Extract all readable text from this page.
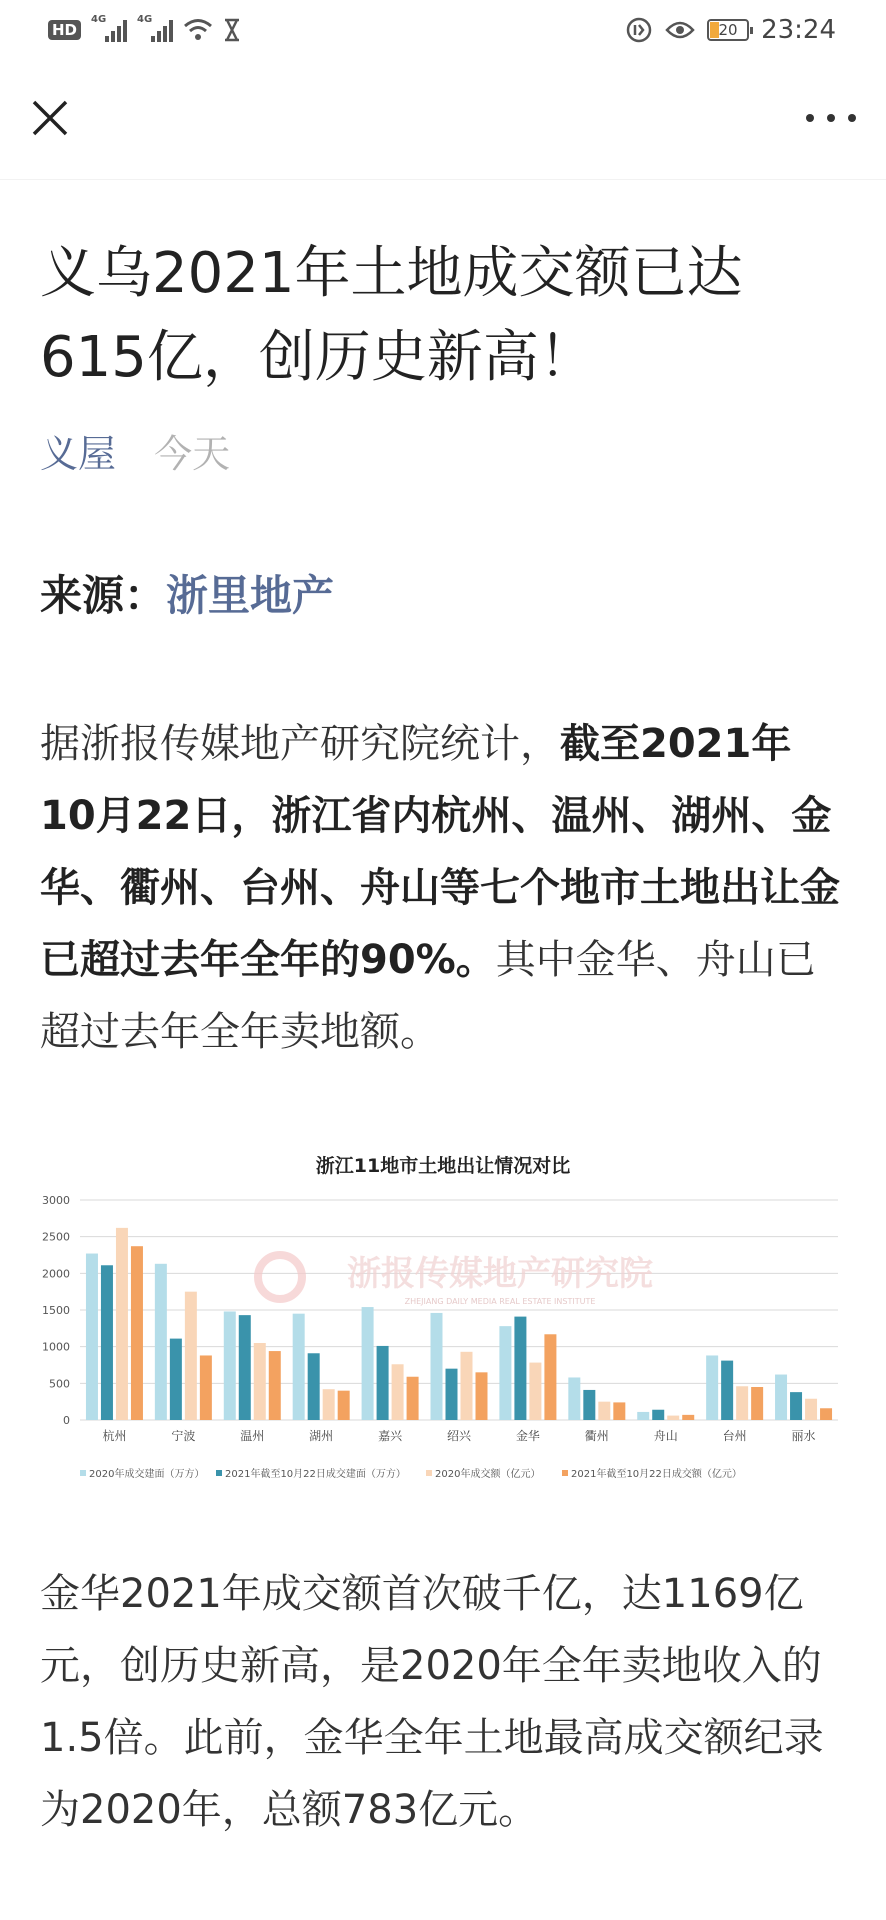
HD
4G	4G
20 23:24
义乌2021年土地成交额已达
615亿，创历史新高！
义屋 今天
来源：浙里地产

据浙报传媒地产研究院统计，截至2021年10月22日，浙江省内杭州、温州、湖州、金华、衢州、台州、舟山等七个地市土地出让金已超过去年全年的90%。其中金华、舟山已超过去年全年卖地额。

浙江11地市土地出让情况对比
0
500
1000
1500
2000
2500
3000
浙报传媒地产研究院
ZHEJIANG DAILY MEDIA REAL ESTATE INSTITUTE
杭州	宁波	温州	湖州	嘉兴	绍兴	金华	衢州	舟山	台州	丽水
2020年成交建面（万方） 2021年截至10月22日成交建面（万方）	2020年成交额（亿元）	2021年截至10月22日成交额（亿元）

金华2021年成交额首次破千亿，达1169亿元，创历史新高，是2020年全年卖地收入的1.5倍。此前，金华全年土地最高成交额纪录为2020年，总额783亿元。
